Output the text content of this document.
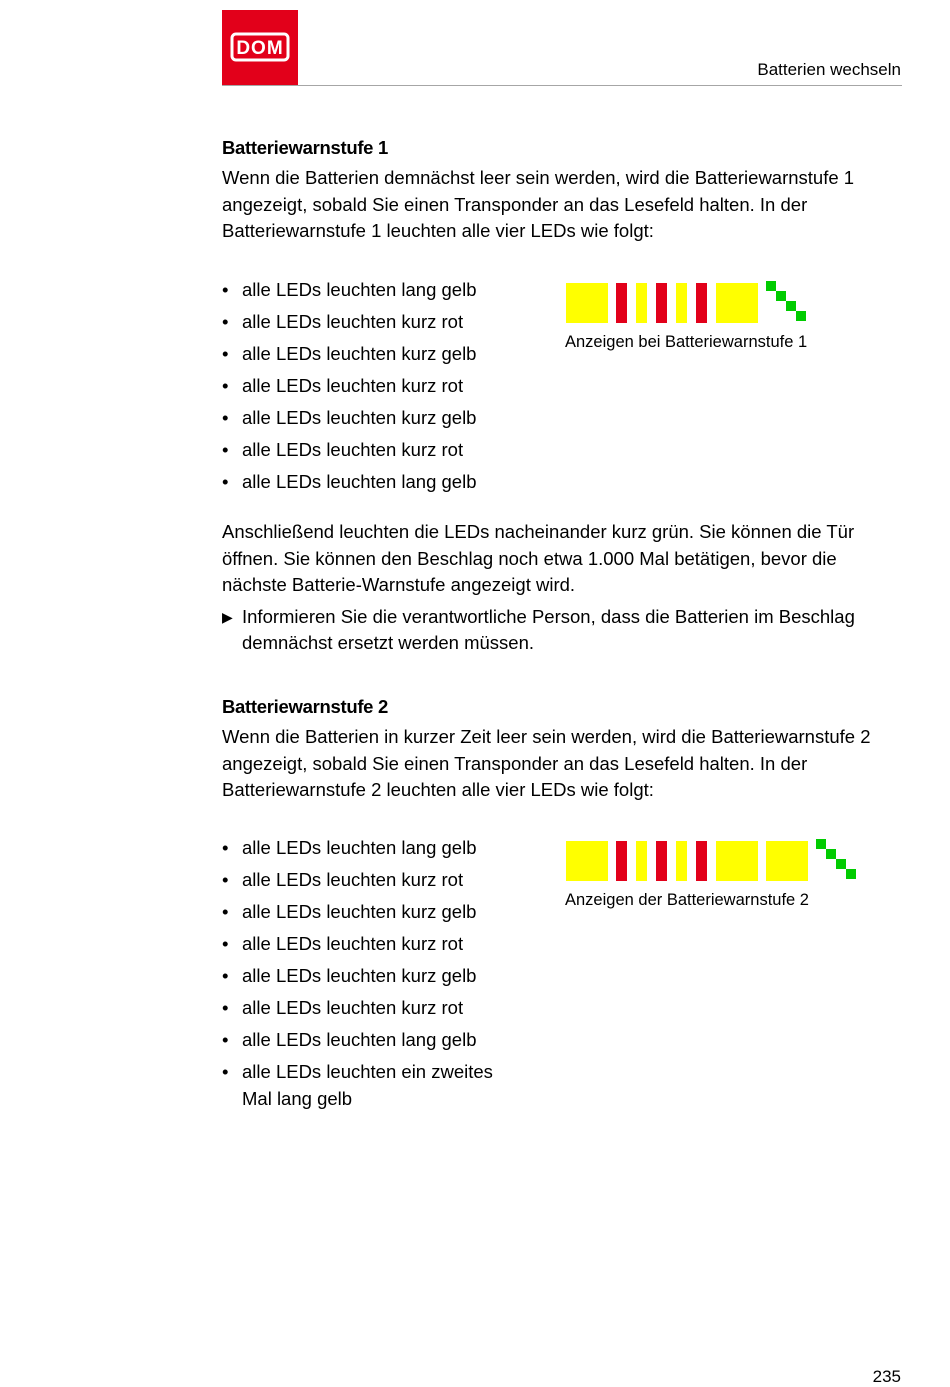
DOM
Batterien wechseln
Batteriewarnstufe 1

Wenn die Batterien demnächst leer sein werden, wird die Batteriewarnstufe 1 angezeigt, sobald Sie einen Transponder an das Lesefeld halten. In der Batteriewarnstufe 1 leuchten alle vier LEDs wie folgt:

• alle LEDs leuchten lang gelb
• alle LEDs leuchten kurz rot
• alle LEDs leuchten kurz gelb
• alle LEDs leuchten kurz rot
• alle LEDs leuchten kurz gelb
• alle LEDs leuchten kurz rot
• alle LEDs leuchten lang gelb
Anzeigen bei Batteriewarnstufe 1

Anschließend leuchten die LEDs nacheinander kurz grün. Sie können die Tür öffnen. Sie können den Beschlag noch etwa 1.000 Mal betätigen, bevor die nächste Batterie-Warnstufe angezeigt wird.

▶ Informieren Sie die verantwortliche Person, dass die Batterien im Beschlag demnächst ersetzt werden müssen.
Batteriewarnstufe 2

Wenn die Batterien in kurzer Zeit leer sein werden, wird die Batteriewarnstufe 2 angezeigt, sobald Sie einen Transponder an das Lesefeld halten. In der Batteriewarnstufe 2 leuchten alle vier LEDs wie folgt:

• alle LEDs leuchten lang gelb
• alle LEDs leuchten kurz rot
• alle LEDs leuchten kurz gelb
• alle LEDs leuchten kurz rot
• alle LEDs leuchten kurz gelb
• alle LEDs leuchten kurz rot
• alle LEDs leuchten lang gelb
• alle LEDs leuchten ein zweites Mal lang gelb
Anzeigen der Batteriewarnstufe 2
235
